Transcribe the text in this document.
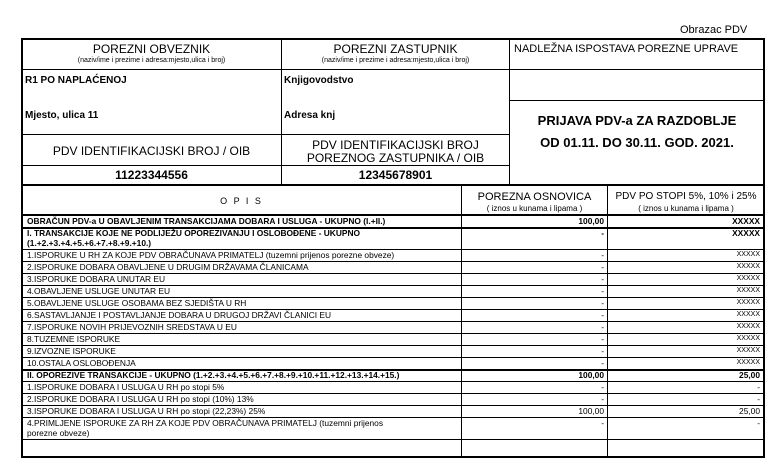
Obrazac PDV
POREZNI OBVEZNIK
(naziv/ime i prezime i adresa:mjesto,ulica i broj)
POREZNI ZASTUPNIK
(naziv/ime i prezime i adresa:mjesto,ulica i broj)
NADLEŽNA ISPOSTAVA POREZNE UPRAVE
R1 PO NAPLAĆENOJ
Mjesto, ulica 11
Knjigovodstvo
Adresa knj
PDV IDENTIFIKACIJSKI BROJ / OIB
11223344556
PDV IDENTIFIKACIJSKI BROJ
POREZNOG ZASTUPNIKA / OIB
12345678901
PRIJAVA PDV-a ZA RAZDOBLJE
OD 01.11. DO 30.11. GOD. 2021.
O P I S	POREZNA OSNOVICA
( iznos u kunama i lipama )
PDV PO STOPI 5%, 10% i 25%
( iznos u kunama i lipama )
OBRAČUN PDV-a U OBAVLJENIM TRANSAKCIJAMA DOBARA I USLUGA - UKUPNO (I.+II.)	100,00	XXXXX
I. TRANSAKCIJE KOJE NE PODLIJEŽU OPOREZIVANJU I OSLOBOĐENE - UKUPNO
(1.+2.+3.+4.+5.+6.+7.+8.+9.+10.)
-	XXXXX
1.ISPORUKE U RH ZA KOJE PDV OBRAČUNAVA PRIMATELJ (tuzemni prijenos porezne obveze)	-	XXXXX
2.ISPORUKE DOBARA OBAVLJENE U DRUGIM DRŽAVAMA ČLANICAMA	-	XXXXX
3.ISPORUKE DOBARA UNUTAR EU	-	XXXXX
4.OBAVLJENE USLUGE UNUTAR EU	-	XXXXX
5.OBAVLJENE USLUGE OSOBAMA BEZ SJEDIŠTA U RH	-	XXXXX
6.SASTAVLJANJE I POSTAVLJANJE DOBARA U DRUGOJ DRŽAVI ČLANICI EU	-	XXXXX
7.ISPORUKE NOVIH PRIJEVOZNIH SREDSTAVA U EU	-	XXXXX
8.TUZEMNE ISPORUKE	-	XXXXX
9.IZVOZNE ISPORUKE	-	XXXXX
10.OSTALA OSLOBOĐENJA	-	XXXXX
II. OPOREZIVE TRANSAKCIJE - UKUPNO (1.+2.+3.+4.+5.+6.+7.+8.+9.+10.+11.+12.+13.+14.+15.)	100,00	25,00
1.ISPORUKE DOBARA I USLUGA U RH po stopi 5%	-	-
2.ISPORUKE DOBARA I USLUGA U RH po stopi (10%) 13%	-	-
3.ISPORUKE DOBARA I USLUGA U RH po stopi (22,23%) 25%	100,00	25,00
4.PRIMLJENE ISPORUKE ZA RH ZA KOJE PDV OBRAČUNAVA PRIMATELJ (tuzemni prijenos
porezne obveze)
-	-
